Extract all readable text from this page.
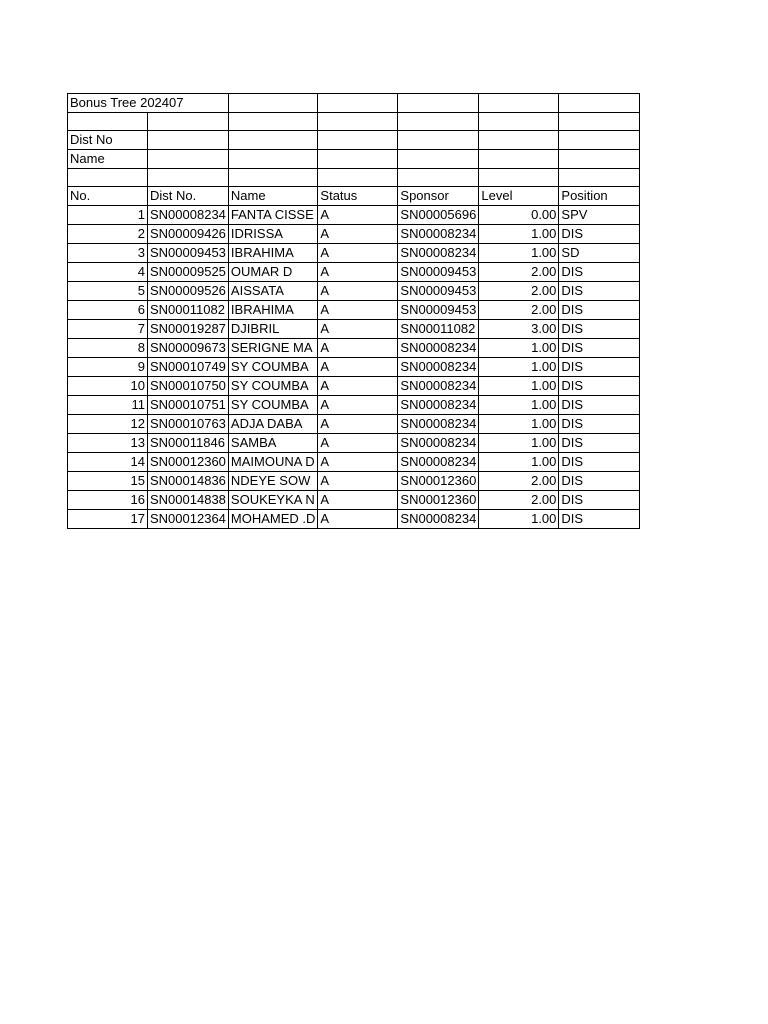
Bonus Tree 202407						

Dist No						
Name						

No.	Dist No.	Name	Status	Sponsor	Level	Position
1	SN00008234	FANTA CISSE	A	SN00005696	0.00	SPV
2	SN00009426	IDRISSA	A	SN00008234	1.00	DIS
3	SN00009453	IBRAHIMA	A	SN00008234	1.00	SD
4	SN00009525	OUMAR D	A	SN00009453	2.00	DIS
5	SN00009526	AISSATA	A	SN00009453	2.00	DIS
6	SN00011082	IBRAHIMA	A	SN00009453	2.00	DIS
7	SN00019287	DJIBRIL	A	SN00011082	3.00	DIS
8	SN00009673	SERIGNE MA	A	SN00008234	1.00	DIS
9	SN00010749	SY COUMBA	A	SN00008234	1.00	DIS
10	SN00010750	SY COUMBA	A	SN00008234	1.00	DIS
11	SN00010751	SY COUMBA	A	SN00008234	1.00	DIS
12	SN00010763	ADJA DABA	A	SN00008234	1.00	DIS
13	SN00011846	SAMBA	A	SN00008234	1.00	DIS
14	SN00012360	MAIMOUNA D	A	SN00008234	1.00	DIS
15	SN00014836	NDEYE SOW	A	SN00012360	2.00	DIS
16	SN00014838	SOUKEYKA N	A	SN00012360	2.00	DIS
17	SN00012364	MOHAMED .D	A	SN00008234	1.00	DIS
